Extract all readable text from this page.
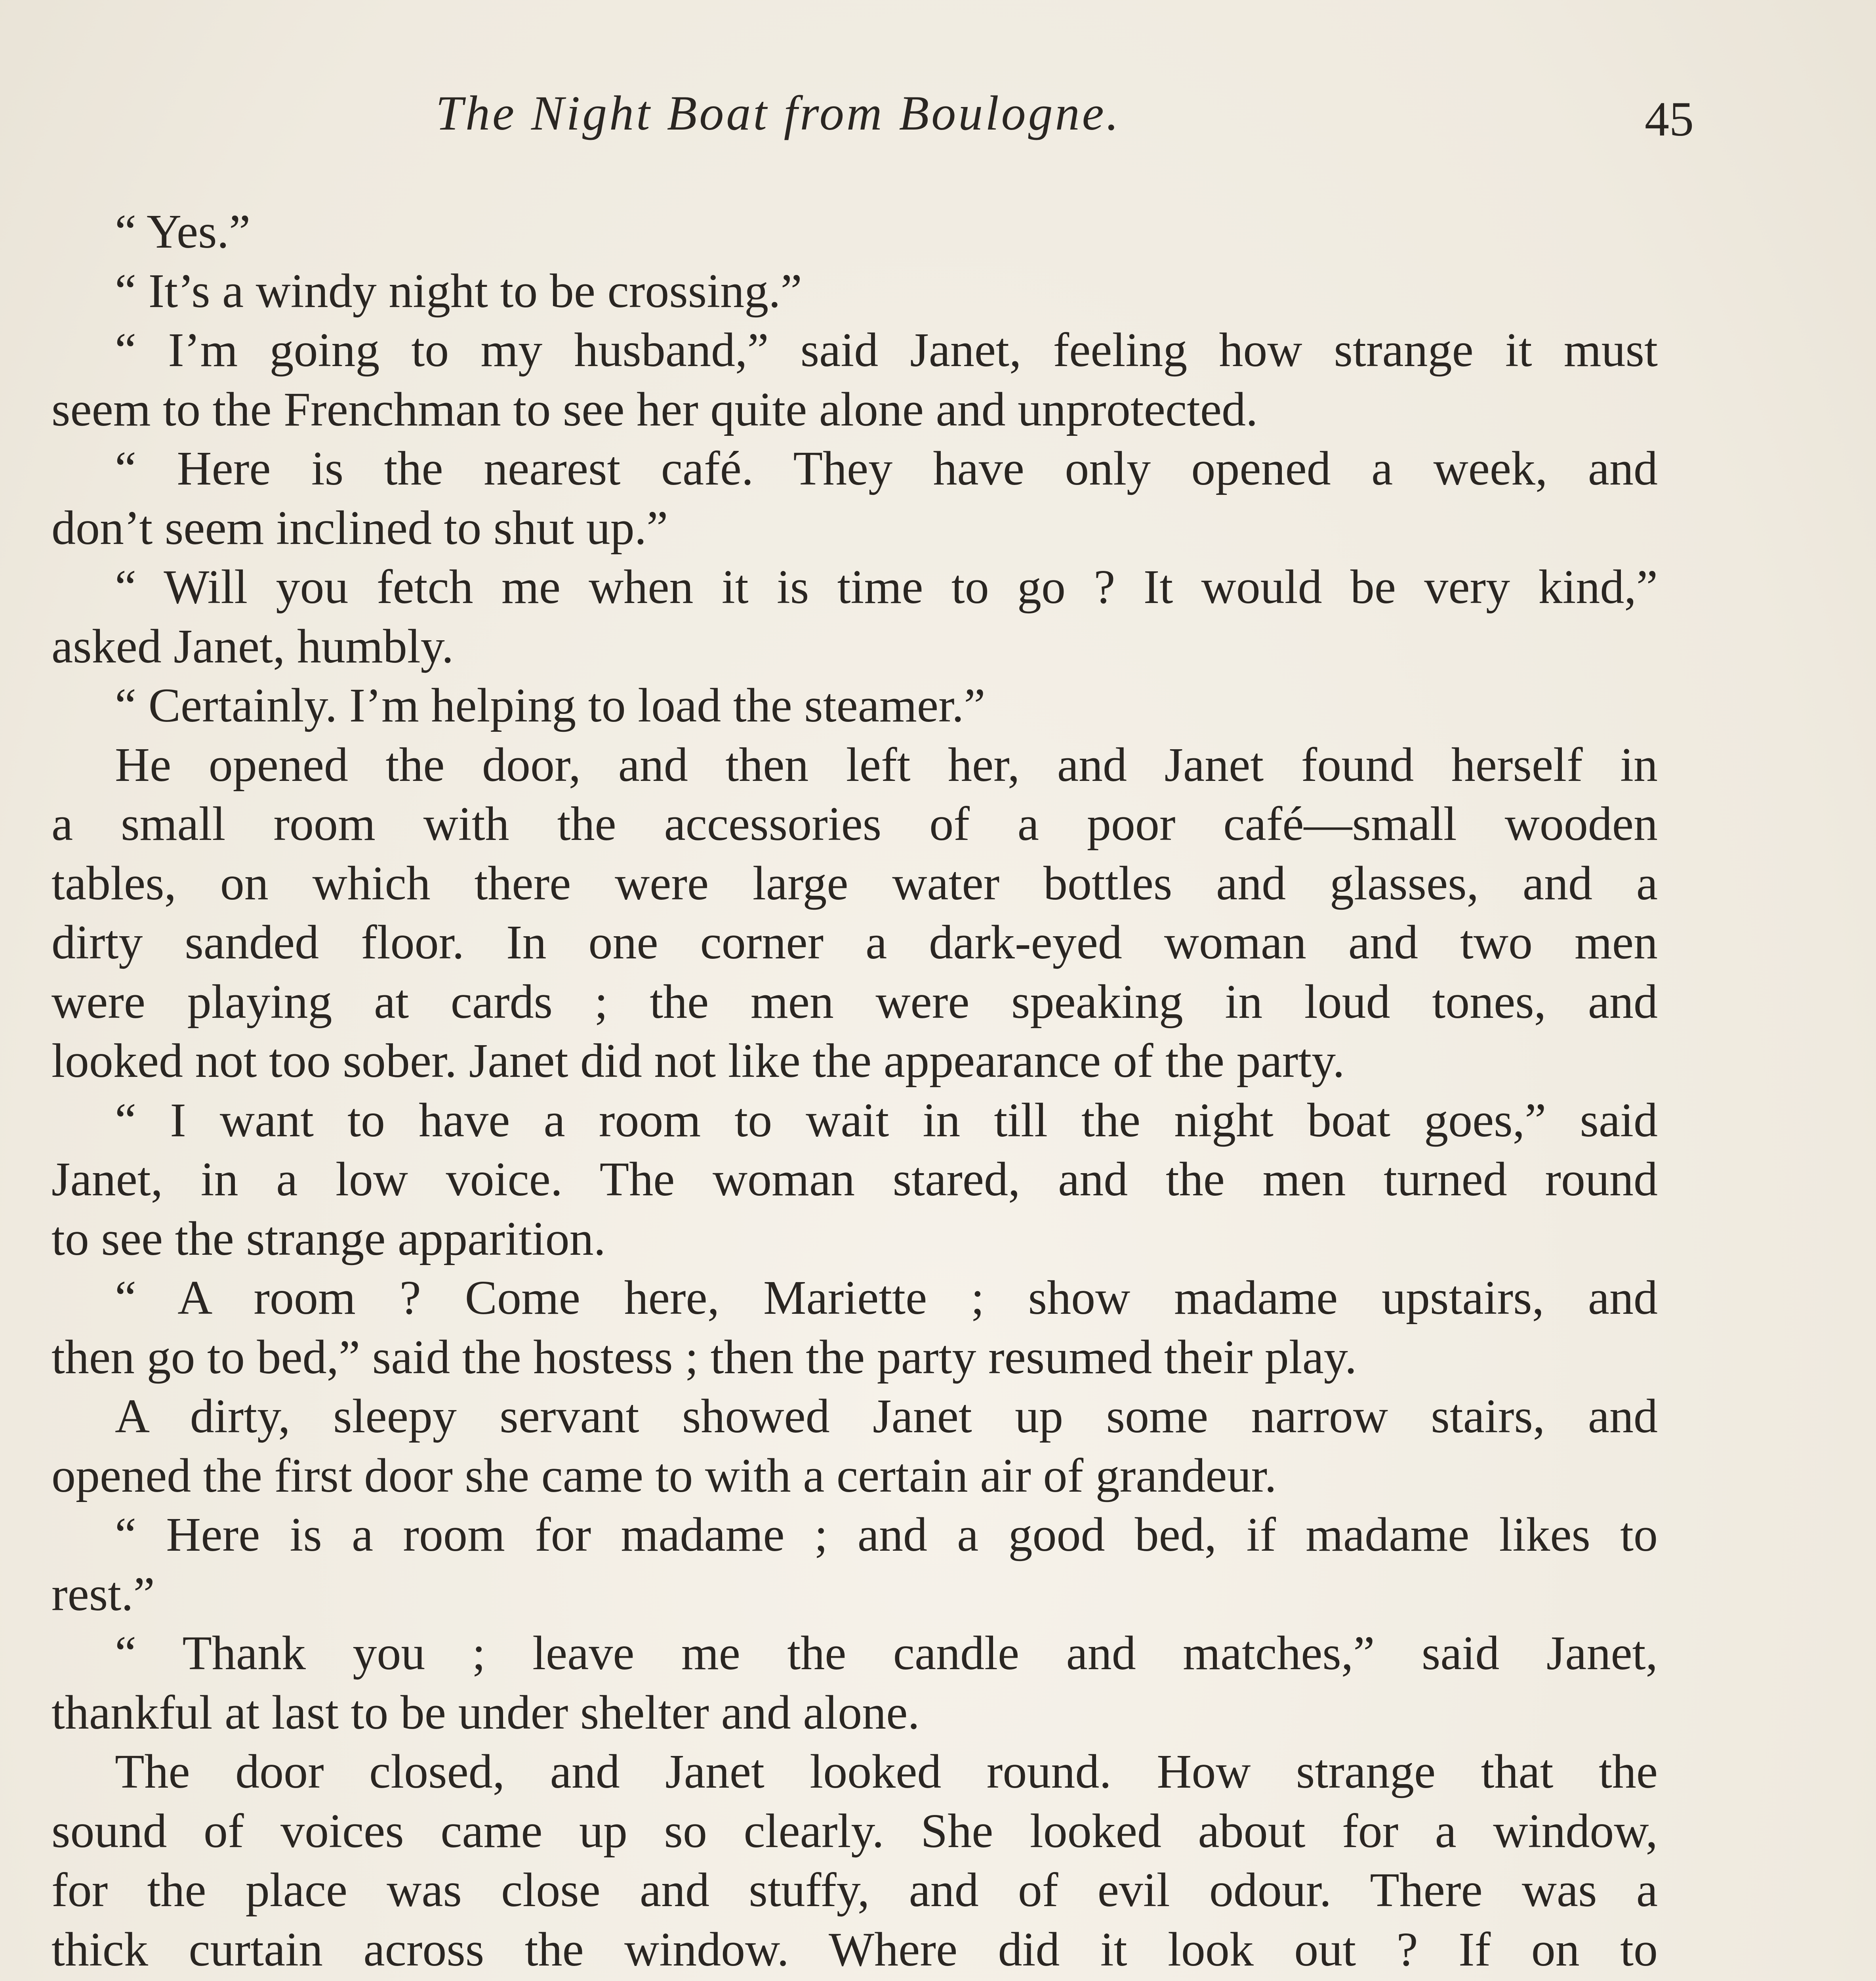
The Night Boat from Boulogne.	45
“ Yes.”
“ It’s a windy night to be crossing.”
“ I’m going to my husband,” said Janet, feeling how strange it must
seem to the Frenchman to see her quite alone and unprotected.
“ Here is the nearest café. They have only opened a week, and
don’t seem inclined to shut up.”
“ Will you fetch me when it is time to go ? It would be very kind,”
asked Janet, humbly.
“ Certainly. I’m helping to load the steamer.”
He opened the door, and then left her, and Janet found herself in
a small room with the accessories of a poor café—small wooden
tables, on which there were large water bottles and glasses, and a
dirty sanded floor. In one corner a dark-eyed woman and two men
were playing at cards ; the men were speaking in loud tones, and
looked not too sober. Janet did not like the appearance of the party.
“ I want to have a room to wait in till the night boat goes,” said
Janet, in a low voice. The woman stared, and the men turned round
to see the strange apparition.
“ A room ? Come here, Mariette ; show madame upstairs, and
then go to bed,” said the hostess ; then the party resumed their play.
A dirty, sleepy servant showed Janet up some narrow stairs, and
opened the first door she came to with a certain air of grandeur.
“ Here is a room for madame ; and a good bed, if madame likes to
rest.”
“ Thank you ; leave me the candle and matches,” said Janet,
thankful at last to be under shelter and alone.
The door closed, and Janet looked round. How strange that the
sound of voices came up so clearly. She looked about for a window,
for the place was close and stuffy, and of evil odour. There was a
thick curtain across the window. Where did it look out ? If on to
